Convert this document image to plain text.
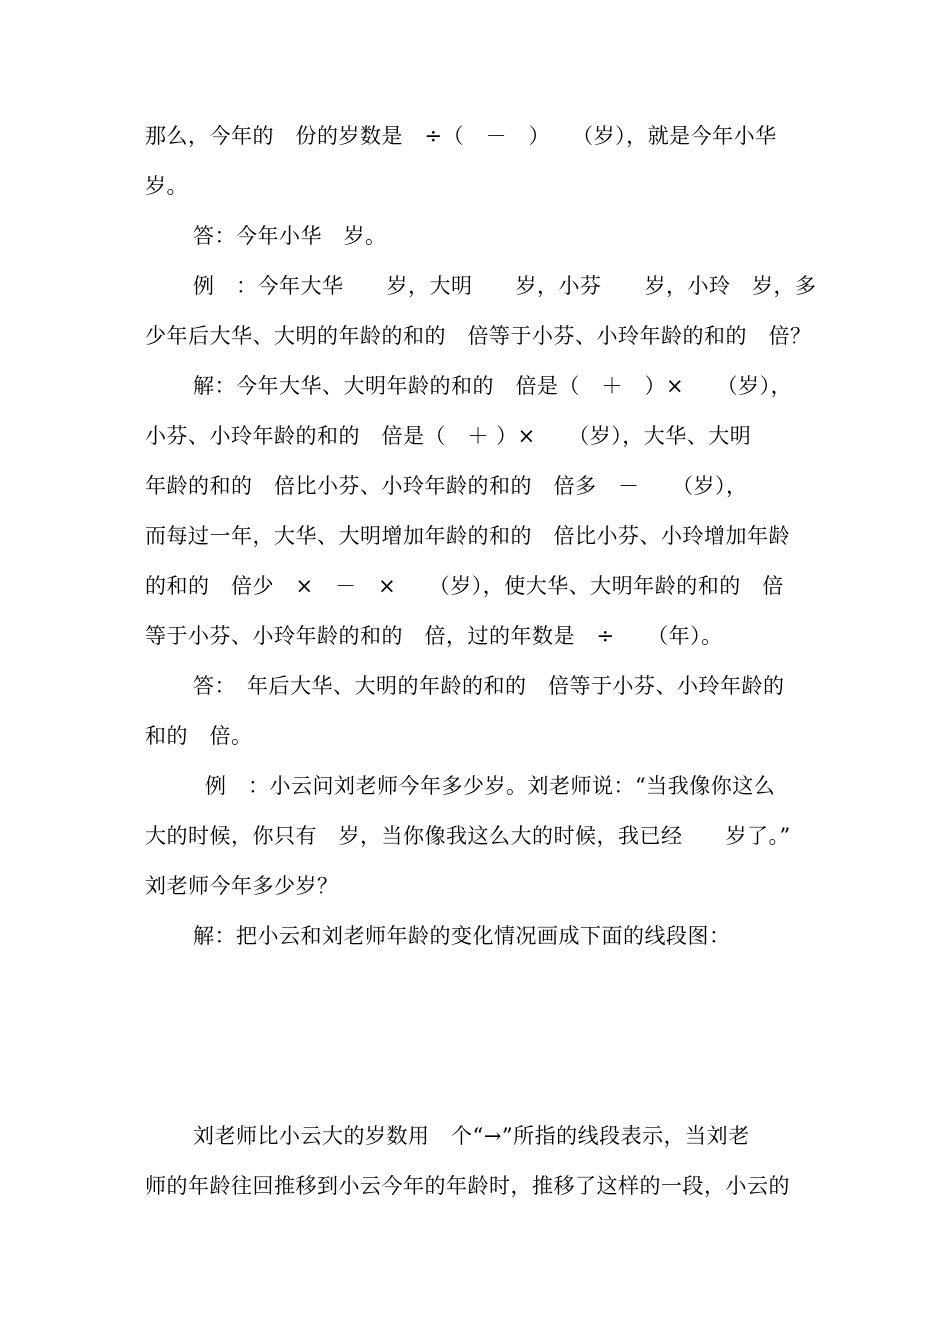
那么，今年的　份的岁数是　÷（　－　）　　（岁），就是今年小华
岁。
答：今年小华　岁。
例　：今年大华　　岁，大明　　岁，小芬　　岁，小玲　岁，多
少年后大华、大明的年龄的和的　倍等于小芬、小玲年龄的和的　倍？
解：今年大华、大明年龄的和的　倍是（　＋　）×　　（岁），
小芬、小玲年龄的和的　倍是（　＋ ）×　　（岁），大华、大明
年龄的和的　倍比小芬、小玲年龄的和的　倍多　－　　（岁），
而每过一年，大华、大明增加年龄的和的　倍比小芬、小玲增加年龄
的和的　倍少　×　－　×　　（岁），使大华、大明年龄的和的　倍
等于小芬、小玲年龄的和的　倍，过的年数是　÷　　（年）。
答：　年后大华、大明的年龄的和的　倍等于小芬、小玲年龄的
和的　倍。
例　：小云问刘老师今年多少岁。刘老师说：“当我像你这么
大的时候，你只有　岁，当你像我这么大的时候，我已经　　岁了。”
刘老师今年多少岁？
解：把小云和刘老师年龄的变化情况画成下面的线段图：
刘老师比小云大的岁数用　个“→”所指的线段表示，当刘老
师的年龄往回推移到小云今年的年龄时，推移了这样的一段，小云的
